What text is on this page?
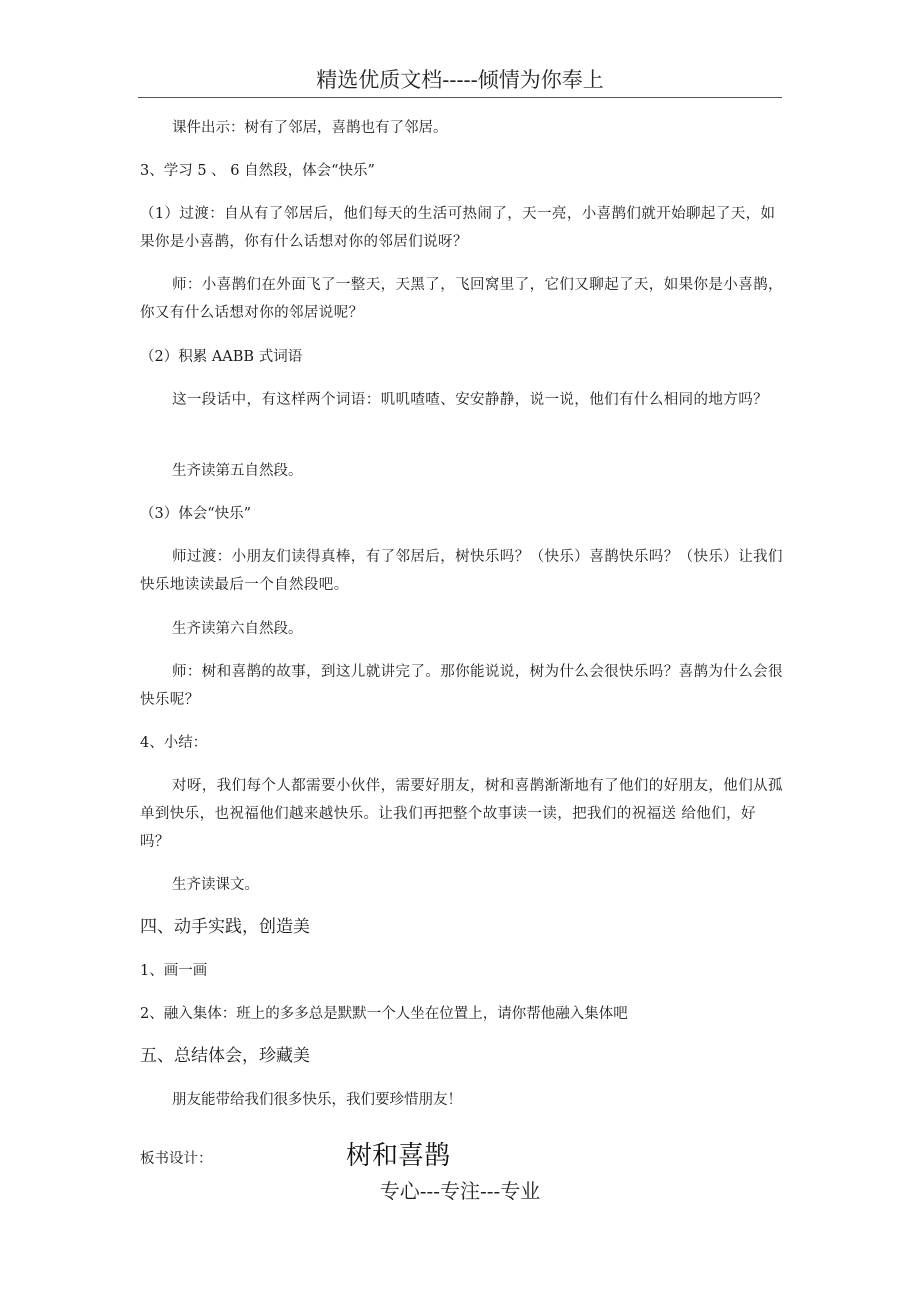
精选优质文档-----倾情为你奉上

课件出示：树有了邻居，喜鹊也有了邻居。

3、学习 5 、 6 自然段，体会“快乐”

（1）过渡：自从有了邻居后，他们每天的生活可热闹了，天一亮，小喜鹊们就开始聊起了天，如果你是小喜鹊，你有什么话想对你的邻居们说呀？

师：小喜鹊们在外面飞了一整天，天黑了，飞回窝里了，它们又聊起了天，如果你是小喜鹊，你又有什么话想对你的邻居说呢？

（2）积累 AABB 式词语

这一段话中，有这样两个词语：叽叽喳喳、安安静静，说一说，他们有什么相同的地方吗？

生齐读第五自然段。

（3）体会“快乐”

师过渡：小朋友们读得真棒，有了邻居后，树快乐吗？（快乐）喜鹊快乐吗？（快乐）让我们快乐地读读最后一个自然段吧。

生齐读第六自然段。

师：树和喜鹊的故事，到这儿就讲完了。那你能说说，树为什么会很快乐吗？喜鹊为什么会很快乐呢？

4、小结：

对呀，我们每个人都需要小伙伴，需要好朋友，树和喜鹊渐渐地有了他们的好朋友，他们从孤单到快乐，也祝福他们越来越快乐。让我们再把整个故事读一读，把我们的祝福送 给他们，好吗？

生齐读课文。

四、动手实践，创造美

1、画一画

2、融入集体：班上的多多总是默默一个人坐在位置上，请你帮他融入集体吧

五、总结体会，珍藏美

朋友能带给我们很多快乐，我们要珍惜朋友！

板书设计：	树和喜鹊
专心---专注---专业
